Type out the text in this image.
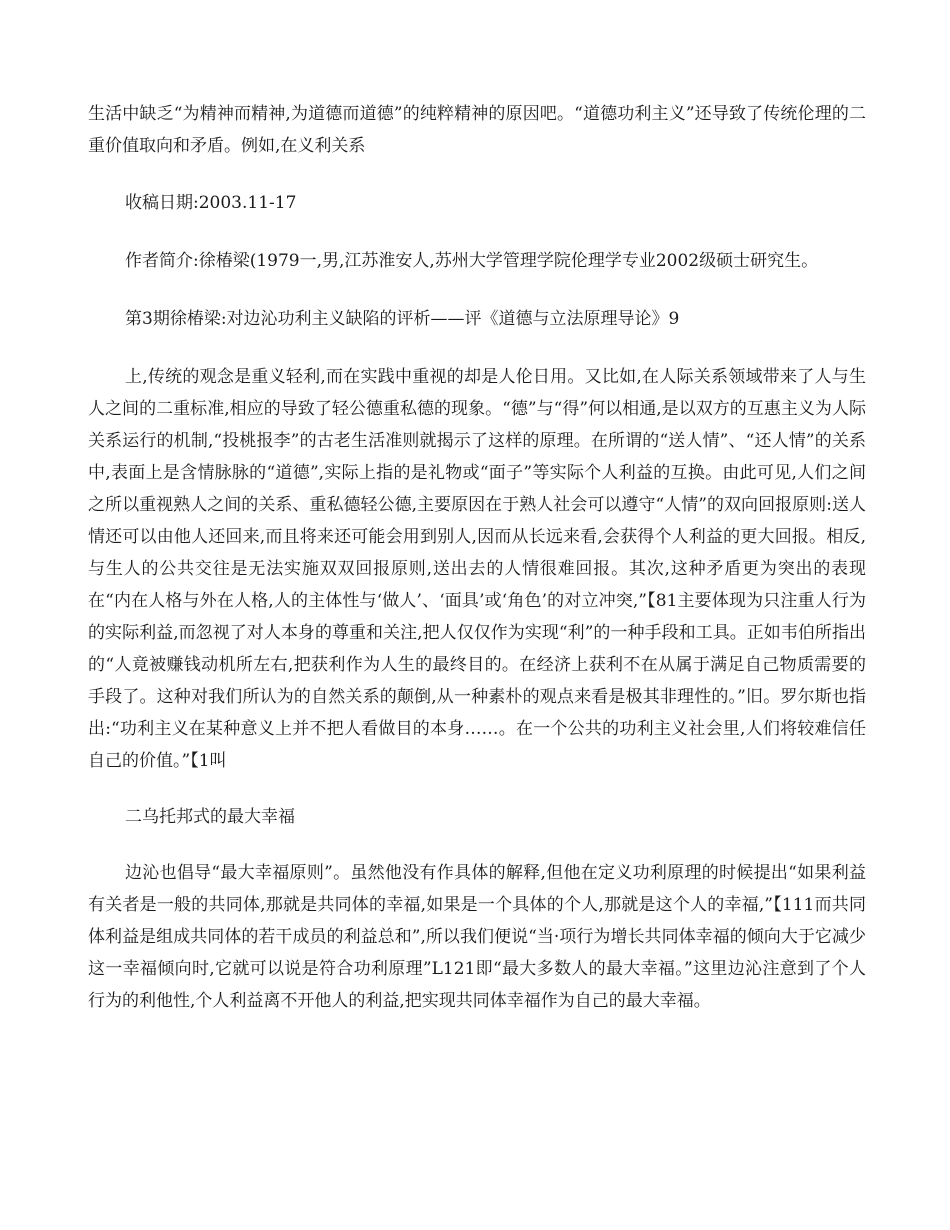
生活中缺乏“为精神而精神,为道德而道德”的纯粹精神的原因吧。“道德功利主义”还导致了传统伦理的二重价值取向和矛盾。例如,在义利关系

收稿日期:2003.11-17

作者简介:徐椿梁(1979一,男,江苏淮安人,苏州大学管理学院伦理学专业2002级硕士研究生。

第3期徐椿梁:对边沁功利主义缺陷的评析——评《道德与立法原理导论》9

上,传统的观念是重义轻利,而在实践中重视的却是人伦日用。又比如,在人际关系领域带来了人与生人之间的二重标准,相应的导致了轻公德重私德的现象。“德”与“得”何以相通,是以双方的互惠主义为人际关系运行的机制,“投桃报李”的古老生活准则就揭示了这样的原理。在所谓的“送人情”、“还人情”的关系中,表面上是含情脉脉的“道德”,实际上指的是礼物或“面子”等实际个人利益的互换。由此可见,人们之间之所以重视熟人之间的关系、重私德轻公德,主要原因在于熟人社会可以遵守“人情”的双向回报原则:送人情还可以由他人还回来,而且将来还可能会用到别人,因而从长远来看,会获得个人利益的更大回报。相反,与生人的公共交往是无法实施双双回报原则,送出去的人情很难回报。其次,这种矛盾更为突出的表现在“内在人格与外在人格,人的主体性与‘做人’、‘面具’或‘角色’的对立冲突,”【81主要体现为只注重人行为的实际利益,而忽视了对人本身的尊重和关注,把人仅仅作为实现“利”的一种手段和工具。正如韦伯所指出的“人竟被赚钱动机所左右,把获利作为人生的最终目的。在经济上获利不在从属于满足自己物质需要的手段了。这种对我们所认为的自然关系的颠倒,从一种素朴的观点来看是极其非理性的。”旧。罗尔斯也指出:“功利主义在某种意义上并不把人看做目的本身……。在一个公共的功利主义社会里,人们将较难信任自己的价值。”【1叫

二乌托邦式的最大幸福

边沁也倡导“最大幸福原则”。虽然他没有作具体的解释,但他在定义功利原理的时候提出“如果利益有关者是一般的共同体,那就是共同体的幸福,如果是一个具体的个人,那就是这个人的幸福,”【111而共同体利益是组成共同体的若干成员的利益总和”,所以我们便说“当·项行为增长共同体幸福的倾向大于它减少这一幸福倾向时,它就可以说是符合功利原理”L121即“最大多数人的最大幸福。”这里边沁注意到了个人行为的利他性,个人利益离不开他人的利益,把实现共同体幸福作为自己的最大幸福。
